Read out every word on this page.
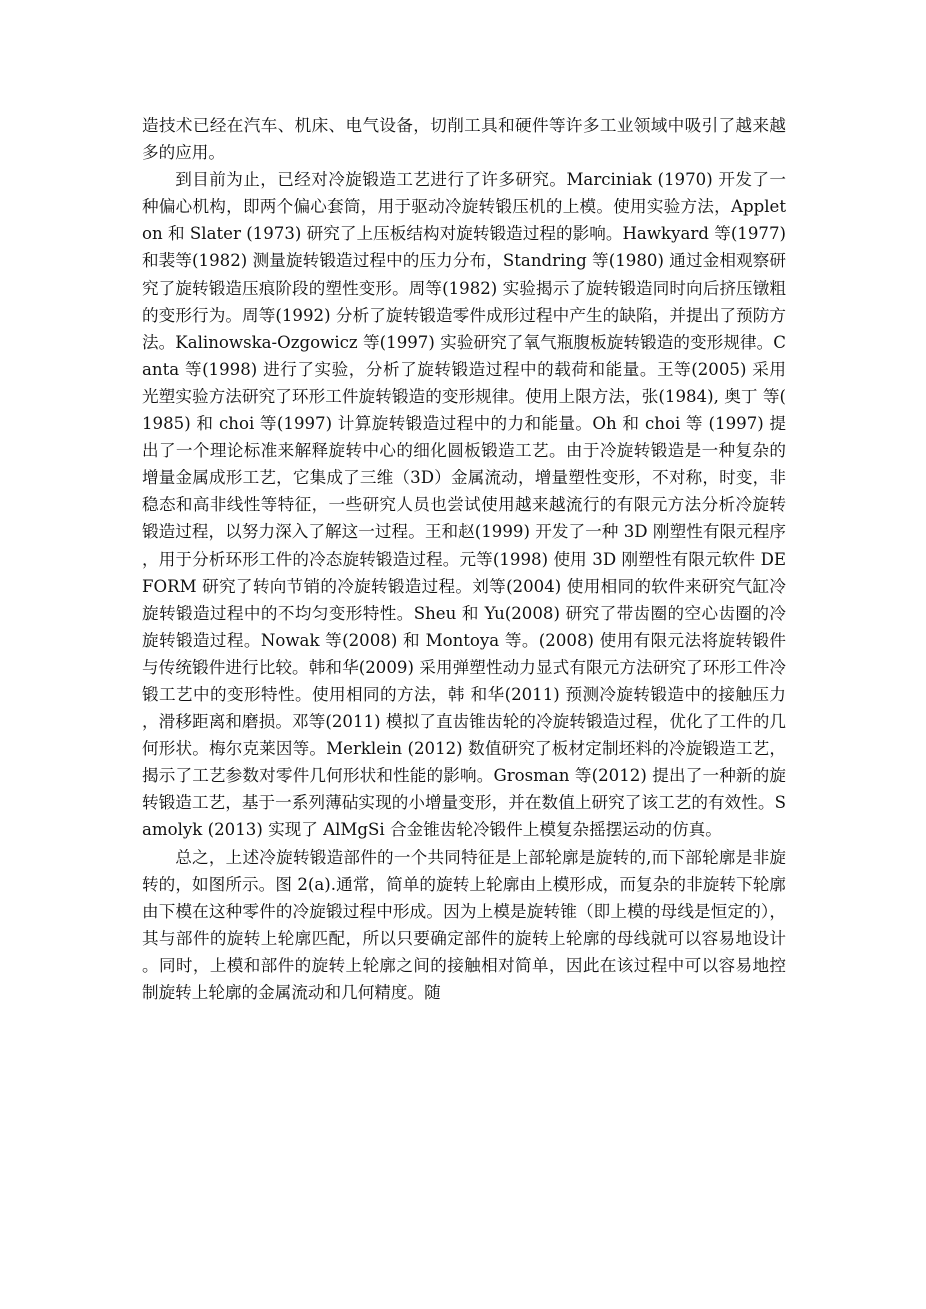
造技术已经在汽车、机床、电气设备，切削工具和硬件等许多工业领域中吸引了越来越多的应用。

到目前为止，已经对冷旋锻造工艺进行了许多研究。Marciniak (1970) 开发了一种偏心机构，即两个偏心套筒，用于驱动冷旋转锻压机的上模。使用实验方法，Appleton 和 Slater (1973) 研究了上压板结构对旋转锻造过程的影响。Hawkyard 等(1977) 和裴等(1982) 测量旋转锻造过程中的压力分布，Standring 等(1980) 通过金相观察研究了旋转锻造压痕阶段的塑性变形。周等(1982) 实验揭示了旋转锻造同时向后挤压镦粗的变形行为。周等(1992) 分析了旋转锻造零件成形过程中产生的缺陷，并提出了预防方法。Kalinowska-Ozgowicz 等(1997) 实验研究了氧气瓶腹板旋转锻造的变形规律。Canta 等(1998) 进行了实验，分析了旋转锻造过程中的载荷和能量。王等(2005) 采用光塑实验方法研究了环形工件旋转锻造的变形规律。使用上限方法，张(1984), 奥丁 等(1985) 和 choi 等(1997) 计算旋转锻造过程中的力和能量。Oh 和 choi 等 (1997) 提出了一个理论标准来解释旋转中心的细化圆板锻造工艺。由于冷旋转锻造是一种复杂的增量金属成形工艺，它集成了三维（3D）金属流动，增量塑性变形，不对称，时变，非稳态和高非线性等特征，一些研究人员也尝试使用越来越流行的有限元方法分析冷旋转锻造过程，以努力深入了解这一过程。王和赵(1999) 开发了一种 3D 刚塑性有限元程序，用于分析环形工件的冷态旋转锻造过程。元等(1998) 使用 3D 刚塑性有限元软件 DEFORM 研究了转向节销的冷旋转锻造过程。刘等(2004) 使用相同的软件来研究气缸冷旋转锻造过程中的不均匀变形特性。Sheu 和 Yu(2008) 研究了带齿圈的空心齿圈的冷旋转锻造过程。Nowak 等(2008) 和 Montoya 等。(2008) 使用有限元法将旋转锻件与传统锻件进行比较。韩和华(2009) 采用弹塑性动力显式有限元方法研究了环形工件冷锻工艺中的变形特性。使用相同的方法，韩 和华(2011) 预测冷旋转锻造中的接触压力，滑移距离和磨损。邓等(2011) 模拟了直齿锥齿轮的冷旋转锻造过程，优化了工件的几何形状。梅尔克莱因等。Merklein (2012) 数值研究了板材定制坯料的冷旋锻造工艺，揭示了工艺参数对零件几何形状和性能的影响。Grosman 等(2012) 提出了一种新的旋转锻造工艺，基于一系列薄砧实现的小增量变形，并在数值上研究了该工艺的有效性。Samolyk (2013) 实现了 AlMgSi 合金锥齿轮冷锻件上模复杂摇摆运动的仿真。

总之，上述冷旋转锻造部件的一个共同特征是上部轮廓是旋转的,而下部轮廓是非旋转的，如图所示。图 2(a).通常，简单的旋转上轮廓由上模形成，而复杂的非旋转下轮廓由下模在这种零件的冷旋锻过程中形成。因为上模是旋转锥（即上模的母线是恒定的），其与部件的旋转上轮廓匹配，所以只要确定部件的旋转上轮廓的母线就可以容易地设计。同时，上模和部件的旋转上轮廓之间的接触相对简单，因此在该过程中可以容易地控制旋转上轮廓的金属流动和几何精度。随
